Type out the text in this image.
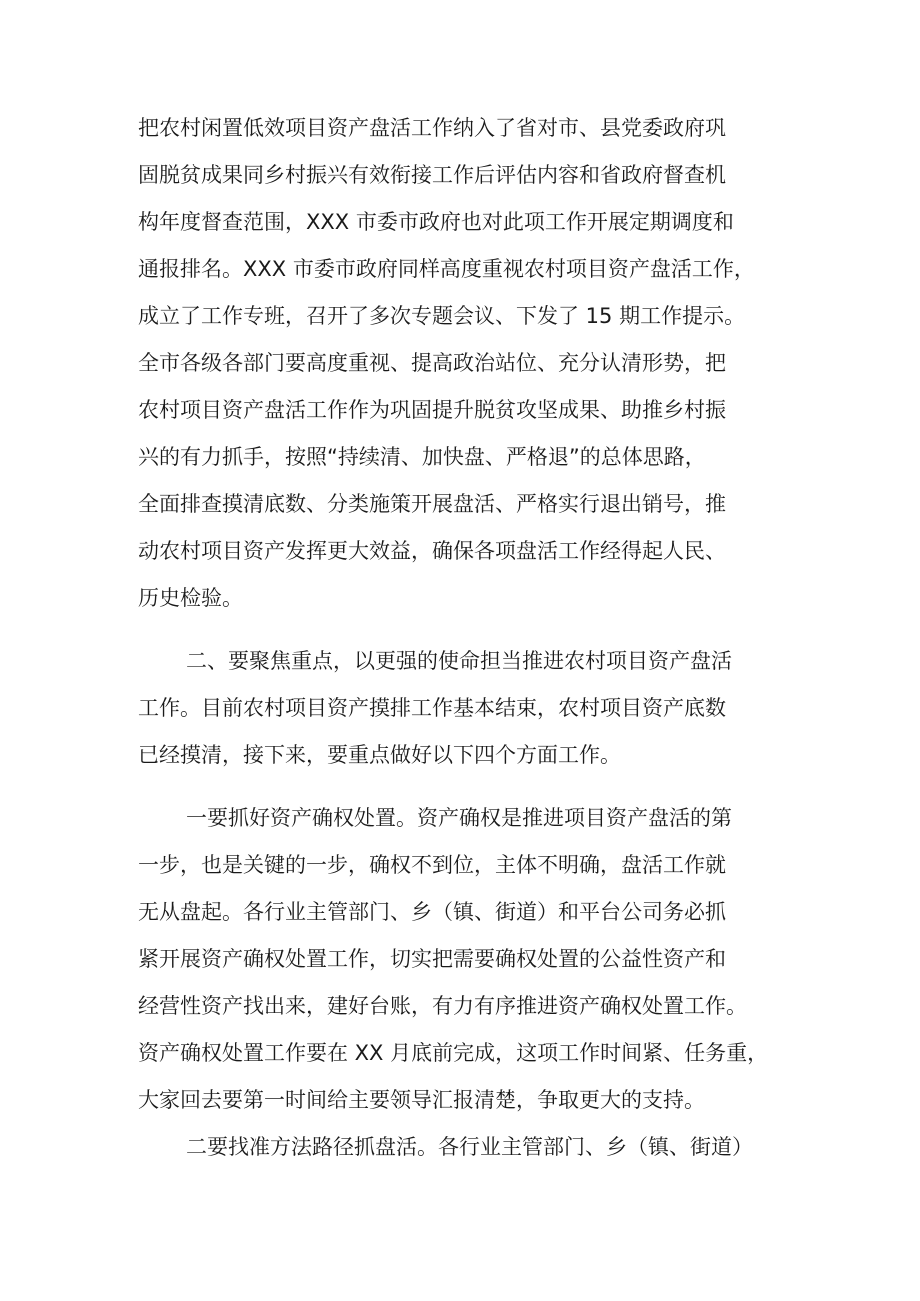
把农村闲置低效项目资产盘活工作纳入了省对市、县党委政府巩
固脱贫成果同乡村振兴有效衔接工作后评估内容和省政府督查机
构年度督查范围，XXX 市委市政府也对此项工作开展定期调度和
通报排名。XXX 市委市政府同样高度重视农村项目资产盘活工作，
成立了工作专班，召开了多次专题会议、下发了 15 期工作提示。
全市各级各部门要高度重视、提高政治站位、充分认清形势，把
农村项目资产盘活工作作为巩固提升脱贫攻坚成果、助推乡村振
兴的有力抓手，按照“持续清、加快盘、严格退”的总体思路，
全面排查摸清底数、分类施策开展盘活、严格实行退出销号，推
动农村项目资产发挥更大效益，确保各项盘活工作经得起人民、
历史检验。
二、要聚焦重点，以更强的使命担当推进农村项目资产盘活
工作。目前农村项目资产摸排工作基本结束，农村项目资产底数
已经摸清，接下来，要重点做好以下四个方面工作。
一要抓好资产确权处置。资产确权是推进项目资产盘活的第
一步，也是关键的一步，确权不到位，主体不明确，盘活工作就
无从盘起。各行业主管部门、乡（镇、街道）和平台公司务必抓
紧开展资产确权处置工作，切实把需要确权处置的公益性资产和
经营性资产找出来，建好台账，有力有序推进资产确权处置工作。
资产确权处置工作要在 XX 月底前完成，这项工作时间紧、任务重，
大家回去要第一时间给主要领导汇报清楚，争取更大的支持。
二要找准方法路径抓盘活。各行业主管部门、乡（镇、街道）
